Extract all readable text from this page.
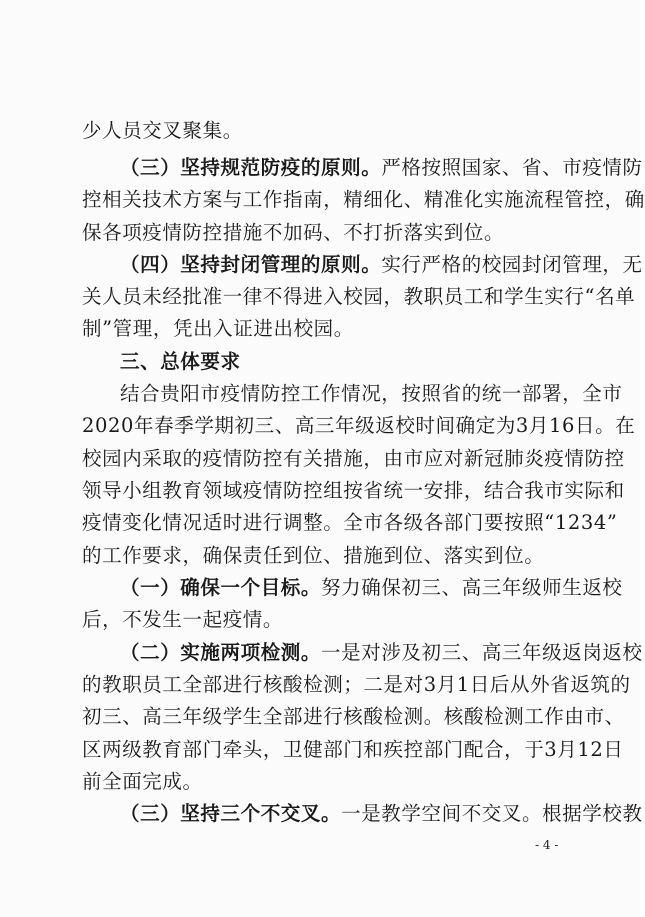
- 4 -
少人员交叉聚集。
（三）坚持规范防疫的原则。严格按照国家、省、市疫情防
控相关技术方案与工作指南，精细化、精准化实施流程管控，确
保各项疫情防控措施不加码、不打折落实到位。
（四）坚持封闭管理的原则。实行严格的校园封闭管理，无
关人员未经批准一律不得进入校园，教职员工和学生实行“名单
制”管理，凭出入证进出校园。
三、总体要求
结合贵阳市疫情防控工作情况，按照省的统一部署，全市
2020年春季学期初三、高三年级返校时间确定为3月16日。在
校园内采取的疫情防控有关措施，由市应对新冠肺炎疫情防控
领导小组教育领域疫情防控组按省统一安排，结合我市实际和
疫情变化情况适时进行调整。全市各级各部门要按照“1234”
的工作要求，确保责任到位、措施到位、落实到位。
（一）确保一个目标。努力确保初三、高三年级师生返校
后，不发生一起疫情。
（二）实施两项检测。一是对涉及初三、高三年级返岗返校
的教职员工全部进行核酸检测；二是对3月1日后从外省返筑的
初三、高三年级学生全部进行核酸检测。核酸检测工作由市、
区两级教育部门牵头，卫健部门和疾控部门配合，于3月12日
前全面完成。
（三）坚持三个不交叉。一是教学空间不交叉。根据学校教
